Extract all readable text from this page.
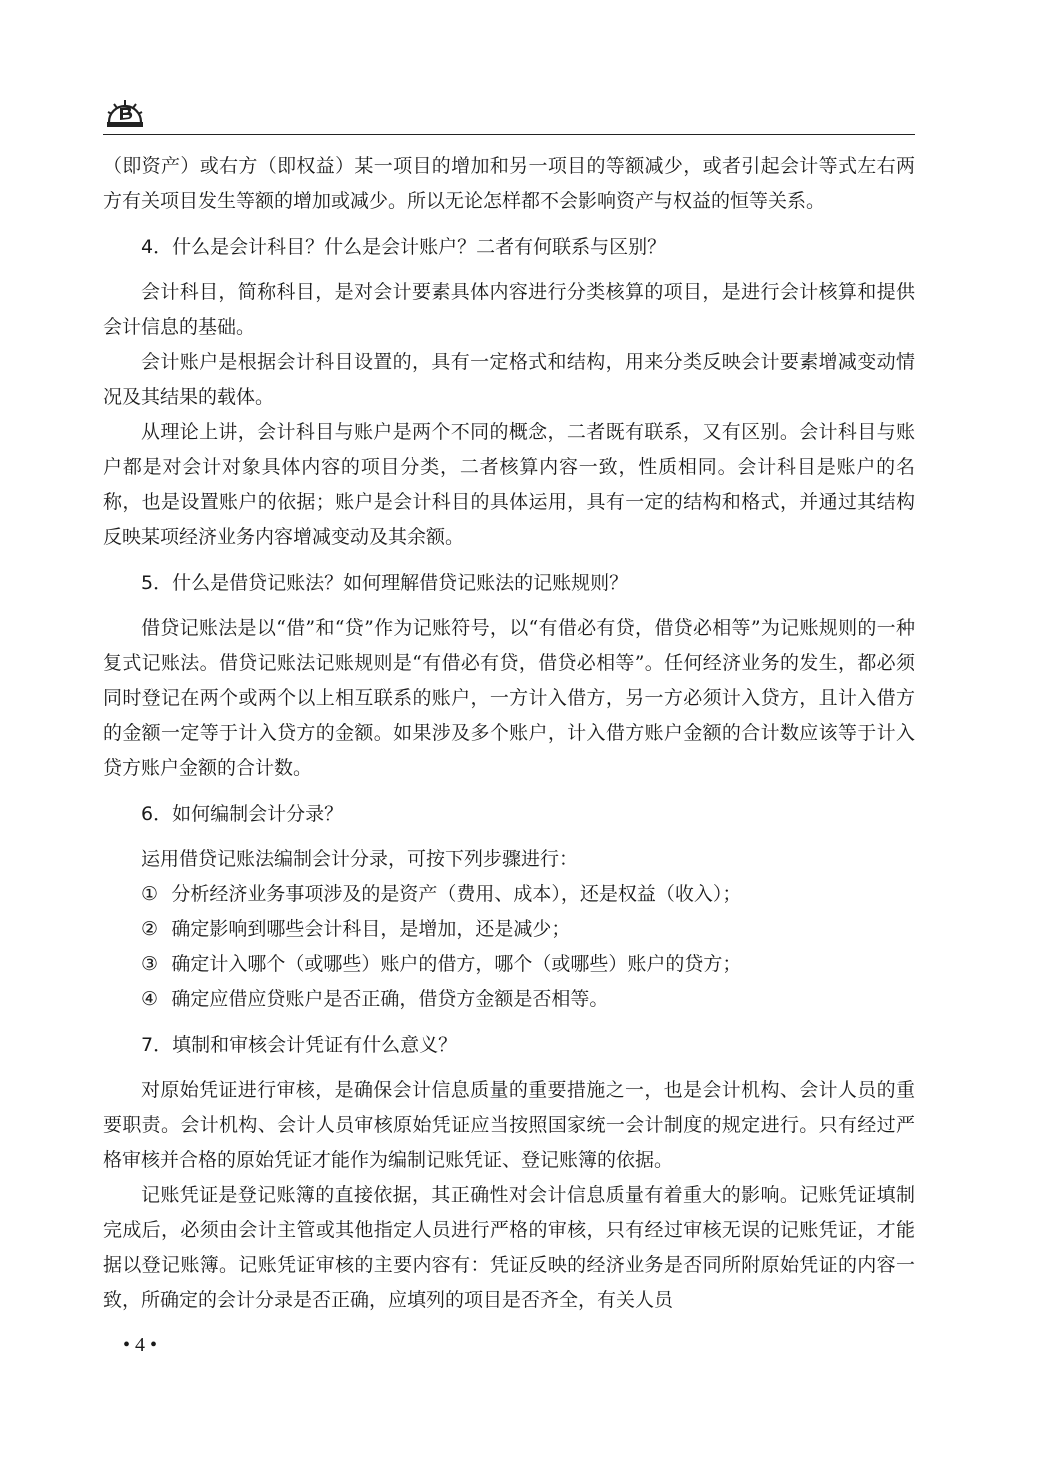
（即资产）或右方（即权益）某一项目的增加和另一项目的等额减少，或者引起会计等式左右两方有关项目发生等额的增加或减少。所以无论怎样都不会影响资产与权益的恒等关系。

4．什么是会计科目？什么是会计账户？二者有何联系与区别？

会计科目，简称科目，是对会计要素具体内容进行分类核算的项目，是进行会计核算和提供会计信息的基础。

会计账户是根据会计科目设置的，具有一定格式和结构，用来分类反映会计要素增减变动情况及其结果的载体。

从理论上讲，会计科目与账户是两个不同的概念，二者既有联系，又有区别。会计科目与账户都是对会计对象具体内容的项目分类，二者核算内容一致，性质相同。会计科目是账户的名称，也是设置账户的依据；账户是会计科目的具体运用，具有一定的结构和格式，并通过其结构反映某项经济业务内容增减变动及其余额。

5．什么是借贷记账法？如何理解借贷记账法的记账规则？

借贷记账法是以“借”和“贷”作为记账符号，以“有借必有贷，借贷必相等”为记账规则的一种复式记账法。借贷记账法记账规则是“有借必有贷，借贷必相等”。任何经济业务的发生，都必须同时登记在两个或两个以上相互联系的账户，一方计入借方，另一方必须计入贷方，且计入借方的金额一定等于计入贷方的金额。如果涉及多个账户，计入借方账户金额的合计数应该等于计入贷方账户金额的合计数。

6．如何编制会计分录？

运用借贷记账法编制会计分录，可按下列步骤进行：

① 分析经济业务事项涉及的是资产（费用、成本），还是权益（收入）；

② 确定影响到哪些会计科目，是增加，还是减少；

③ 确定计入哪个（或哪些）账户的借方，哪个（或哪些）账户的贷方；

④ 确定应借应贷账户是否正确，借贷方金额是否相等。

7．填制和审核会计凭证有什么意义？

对原始凭证进行审核，是确保会计信息质量的重要措施之一，也是会计机构、会计人员的重要职责。会计机构、会计人员审核原始凭证应当按照国家统一会计制度的规定进行。只有经过严格审核并合格的原始凭证才能作为编制记账凭证、登记账簿的依据。

记账凭证是登记账簿的直接依据，其正确性对会计信息质量有着重大的影响。记账凭证填制完成后，必须由会计主管或其他指定人员进行严格的审核，只有经过审核无误的记账凭证，才能据以登记账簿。记账凭证审核的主要内容有：凭证反映的经济业务是否同所附原始凭证的内容一致，所确定的会计分录是否正确，应填列的项目是否齐全，有关人员

• 4 •
